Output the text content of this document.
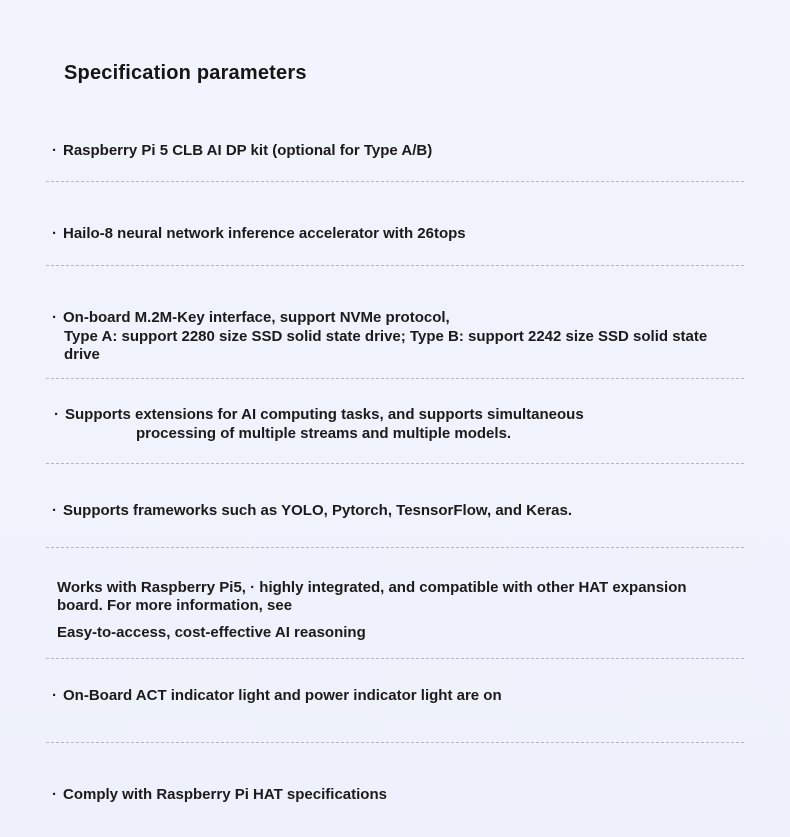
Specification parameters
· Raspberry Pi 5 CLB AI DP kit (optional for Type A/B)
· Hailo-8 neural network inference accelerator with 26tops
· On-board M.2M-Key interface, support NVMe protocol,
Type A: support 2280 size SSD solid state drive; Type B: support 2242 size SSD solid state
drive
· Supports extensions for AI computing tasks, and supports simultaneous
processing of multiple streams and multiple models.
· Supports frameworks such as YOLO, Pytorch, TesnsorFlow, and Keras.
Works with Raspberry Pi5, · highly integrated, and compatible with other HAT expansion
board. For more information, see
Easy-to-access, cost-effective AI reasoning
· On-Board ACT indicator light and power indicator light are on
· Comply with Raspberry Pi HAT specifications
